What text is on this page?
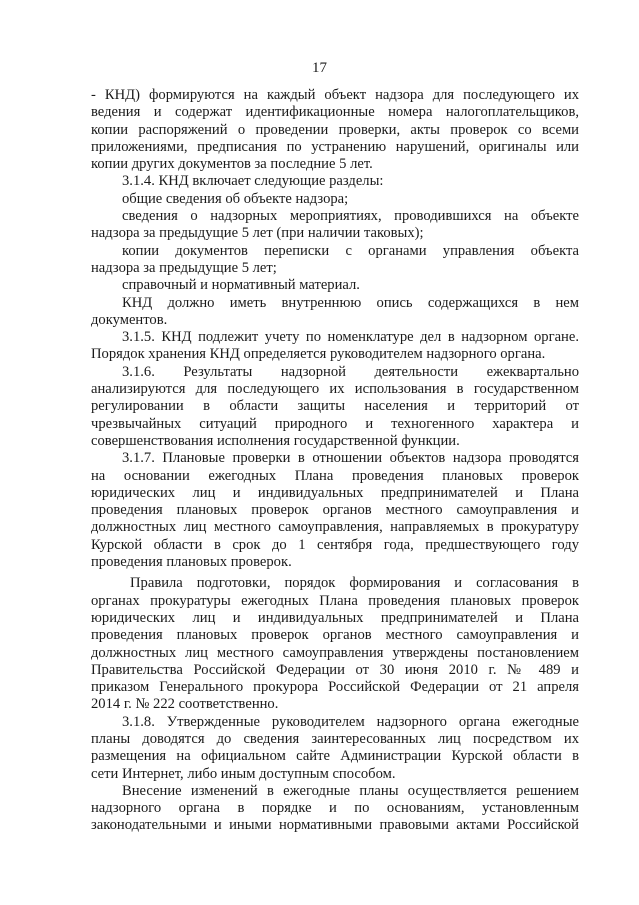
17
- КНД) формируются на каждый объект надзора для последующего их
ведения и содержат идентификационные номера налогоплательщиков,
копии распоряжений о проведении проверки, акты проверок со всеми
приложениями, предписания по устранению нарушений, оригиналы или
копии других документов за последние 5 лет.
3.1.4. КНД включает следующие разделы:
общие сведения об объекте надзора;
сведения о надзорных мероприятиях, проводившихся на объекте
надзора за предыдущие 5 лет (при наличии таковых);
копии документов переписки с органами управления объекта
надзора за предыдущие 5 лет;
справочный и нормативный материал.
КНД должно иметь внутреннюю опись содержащихся в нем
документов.
3.1.5. КНД подлежит учету по номенклатуре дел в надзорном органе.
Порядок хранения КНД определяется руководителем надзорного органа.
3.1.6. Результаты надзорной деятельности ежеквартально
анализируются для последующего их использования в государственном
регулировании в области защиты населения и территорий от
чрезвычайных ситуаций природного и техногенного характера и
совершенствования исполнения государственной функции.
3.1.7. Плановые проверки в отношении объектов надзора проводятся
на основании ежегодных Плана проведения плановых проверок
юридических лиц и индивидуальных предпринимателей и Плана
проведения плановых проверок органов местного самоуправления и
должностных лиц местного самоуправления, направляемых в прокуратуру
Курской области в срок до 1 сентября года, предшествующего году
проведения плановых проверок.
Правила подготовки, порядок формирования и согласования в
органах прокуратуры ежегодных Плана проведения плановых проверок
юридических лиц и индивидуальных предпринимателей и Плана
проведения плановых проверок органов местного самоуправления и
должностных лиц местного самоуправления утверждены постановлением
Правительства Российской Федерации от 30 июня 2010 г. № 489 и
приказом Генерального прокурора Российской Федерации от 21 апреля
2014 г. № 222 соответственно.
3.1.8. Утвержденные руководителем надзорного органа ежегодные
планы доводятся до сведения заинтересованных лиц посредством их
размещения на официальном сайте Администрации Курской области в
сети Интернет, либо иным доступным способом.
Внесение изменений в ежегодные планы осуществляется решением
надзорного органа в порядке и по основаниям, установленным
законодательными и иными нормативными правовыми актами Российской
